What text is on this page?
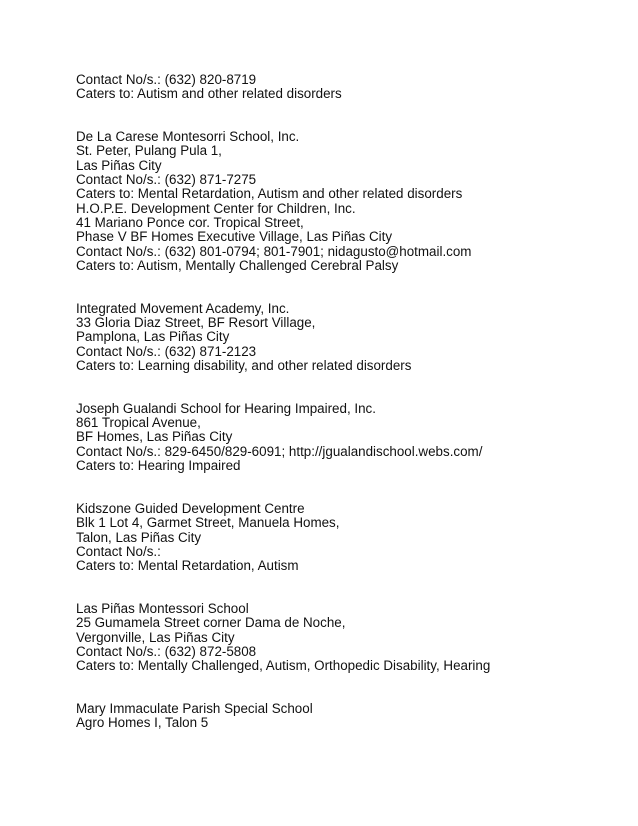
Contact No/s.: (632) 820-8719
Caters to: Autism and other related disorders
De La Carese Montesorri School, Inc.
St. Peter, Pulang Pula 1,
Las Piñas City
Contact No/s.: (632) 871-7275
Caters to: Mental Retardation, Autism and other related disorders
H.O.P.E. Development Center for Children, Inc.
41 Mariano Ponce cor. Tropical Street,
Phase V BF Homes Executive Village, Las Piñas City
Contact No/s.: (632) 801-0794; 801-7901; nidagusto@hotmail.com
Caters to: Autism, Mentally Challenged Cerebral Palsy
Integrated Movement Academy, Inc.
33 Gloria Diaz Street, BF Resort Village,
Pamplona, Las Piñas City
Contact No/s.: (632) 871-2123
Caters to: Learning disability, and other related disorders
Joseph Gualandi School for Hearing Impaired, Inc.
861 Tropical Avenue,
BF Homes, Las Piñas City
Contact No/s.: 829-6450/829-6091; http://jgualandischool.webs.com/
Caters to: Hearing Impaired
Kidszone Guided Development Centre
Blk 1 Lot 4, Garmet Street, Manuela Homes,
Talon, Las Piñas City
Contact No/s.:
Caters to: Mental Retardation, Autism
Las Piñas Montessori School
25 Gumamela Street corner Dama de Noche,
Vergonville, Las Piñas City
Contact No/s.: (632) 872-5808
Caters to: Mentally Challenged, Autism, Orthopedic Disability, Hearing
Mary Immaculate Parish Special School
Agro Homes I, Talon 5
